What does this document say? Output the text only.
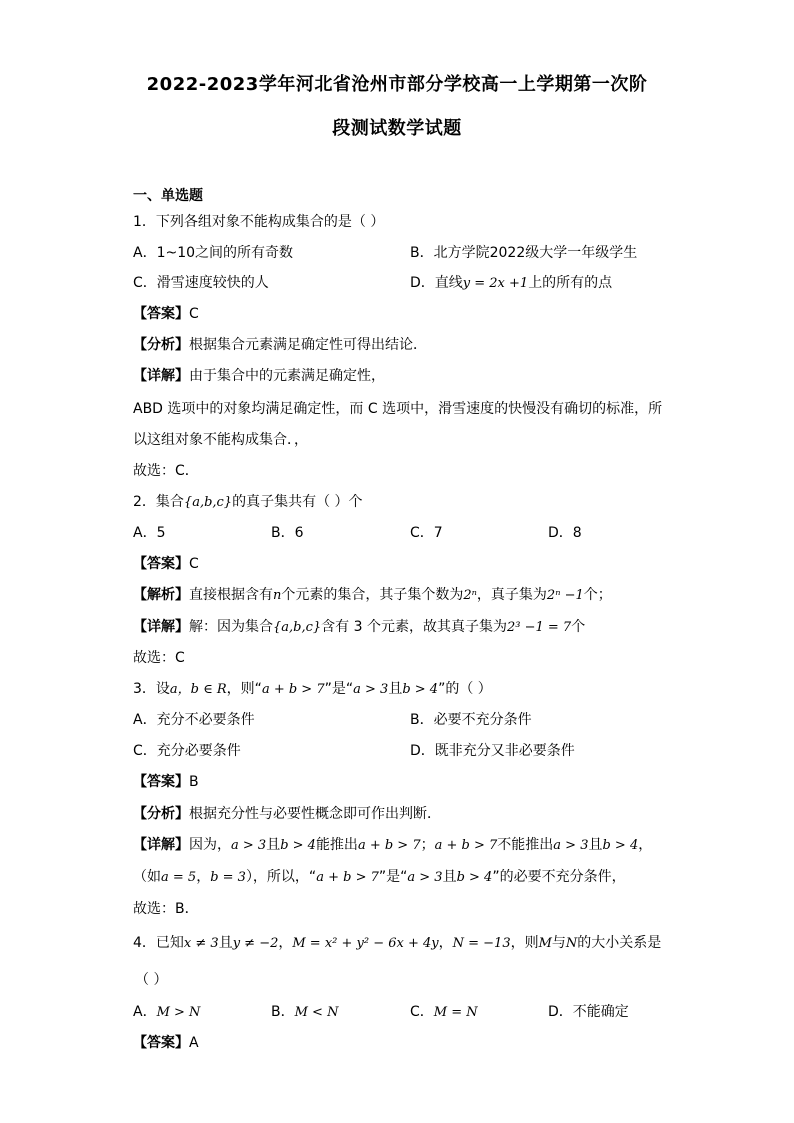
2022-2023学年河北省沧州市部分学校高一上学期第一次阶
段测试数学试题
一、单选题
1．下列各组对象不能构成集合的是（ ）
A．1~10之间的所有奇数	B．北方学院2022级大学一年级学生
C．滑雪速度较快的人	D．直线y = 2x +1上的所有的点
【答案】C
【分析】根据集合元素满足确定性可得出结论．
【详解】由于集合中的元素满足确定性，
ABD 选项中的对象均满足确定性，而 C 选项中，滑雪速度的快慢没有确切的标准，所
以这组对象不能构成集合．，
故选：C．
2．集合{a,b,c}的真子集共有（ ）个
A．5	B．6	C．7	D．8
【答案】C
【解析】直接根据含有n个元素的集合，其子集个数为2ⁿ，真子集为2ⁿ −1个；
【详解】解：因为集合{a,b,c}含有 3 个元素，故其真子集为2³ −1 = 7个
故选：C
3．设a，b ∈ R，则“a + b > 7”是“a > 3且b > 4”的（ ）
A．充分不必要条件	B．必要不充分条件
C．充分必要条件	D．既非充分又非必要条件
【答案】B
【分析】根据充分性与必要性概念即可作出判断．
【详解】因为，a > 3且b > 4能推出a + b > 7；a + b > 7不能推出a > 3且b > 4，
（如a = 5，b = 3），所以，“a + b > 7”是“a > 3且b > 4”的必要不充分条件，
故选：B．
4．已知x ≠ 3且y ≠ −2，M = x² + y² − 6x + 4y，N = −13，则M与N的大小关系是
（ ）
A．M > N	B．M < N	C．M = N	D．不能确定
【答案】A
